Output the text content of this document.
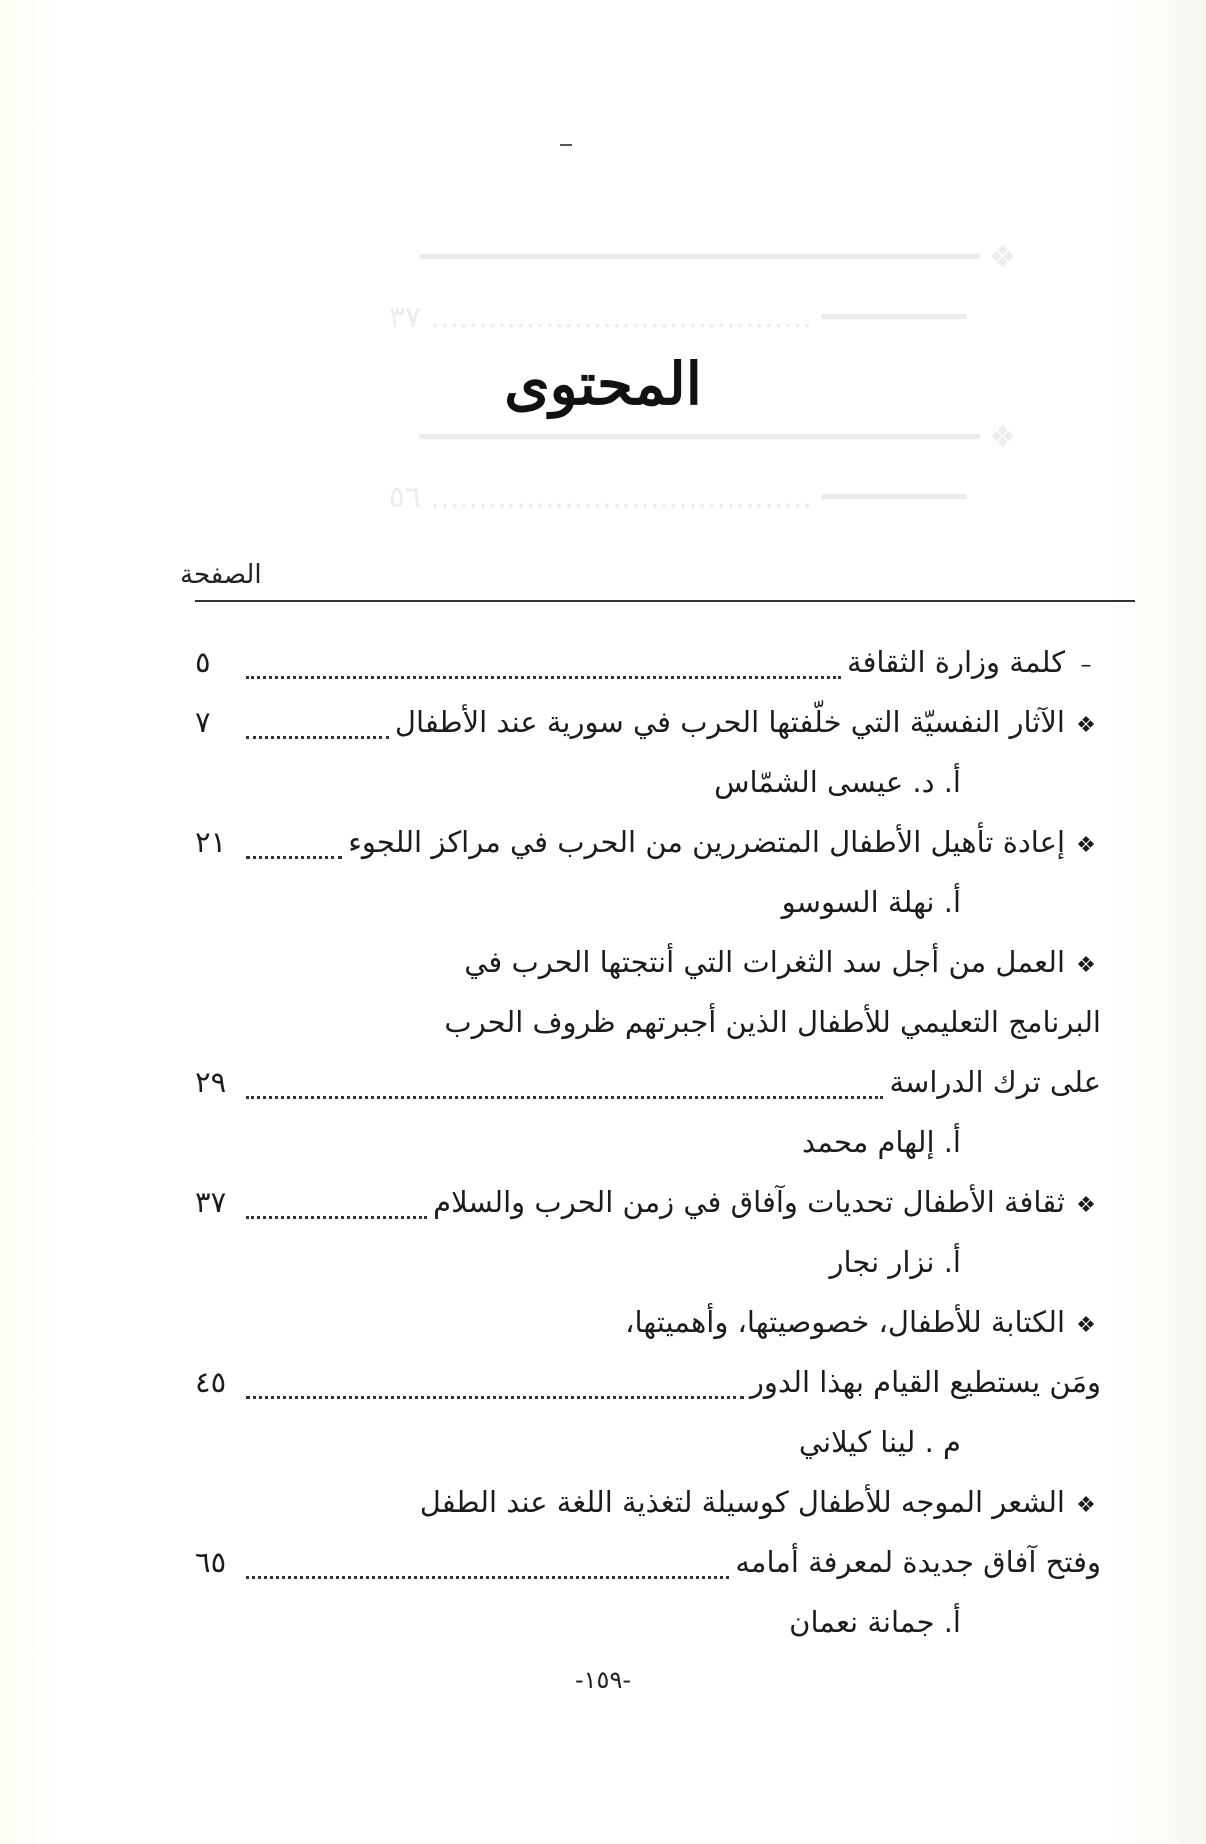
❖ ━━━━━━━━━━━━━━━━━━━━━━━━━━━━━━━
━━━━━━━━ ........................................ ٣٧
❖ ━━━━━━━━━━━━━━━━━━━━━━━━━━━━━━━
━━━━━━━━ ........................................ ٥٦
المحتوى
الصفحة
–
كلمة وزارة الثقافة
٥
❖
الآثار النفسيّة التي خلّفتها الحرب في سورية عند الأطفال
٧
أ. د. عيسى الشمّاس
❖
إعادة تأهيل الأطفال المتضررين من الحرب في مراكز اللجوء
٢١
أ. نهلة السوسو
❖
العمل من أجل سد الثغرات التي أنتجتها الحرب في
البرنامج التعليمي للأطفال الذين أجبرتهم ظروف الحرب
على ترك الدراسة
٢٩
أ. إلهام محمد
❖
ثقافة الأطفال تحديات وآفاق في زمن الحرب والسلام
٣٧
أ. نزار نجار
❖
الكتابة للأطفال، خصوصيتها، وأهميتها،
ومَن يستطيع القيام بهذا الدور
٤٥
م . لينا كيلاني
❖
الشعر الموجه للأطفال كوسيلة لتغذية اللغة عند الطفل
وفتح آفاق جديدة لمعرفة أمامه
٦٥
أ. جمانة نعمان
-١٥٩-
